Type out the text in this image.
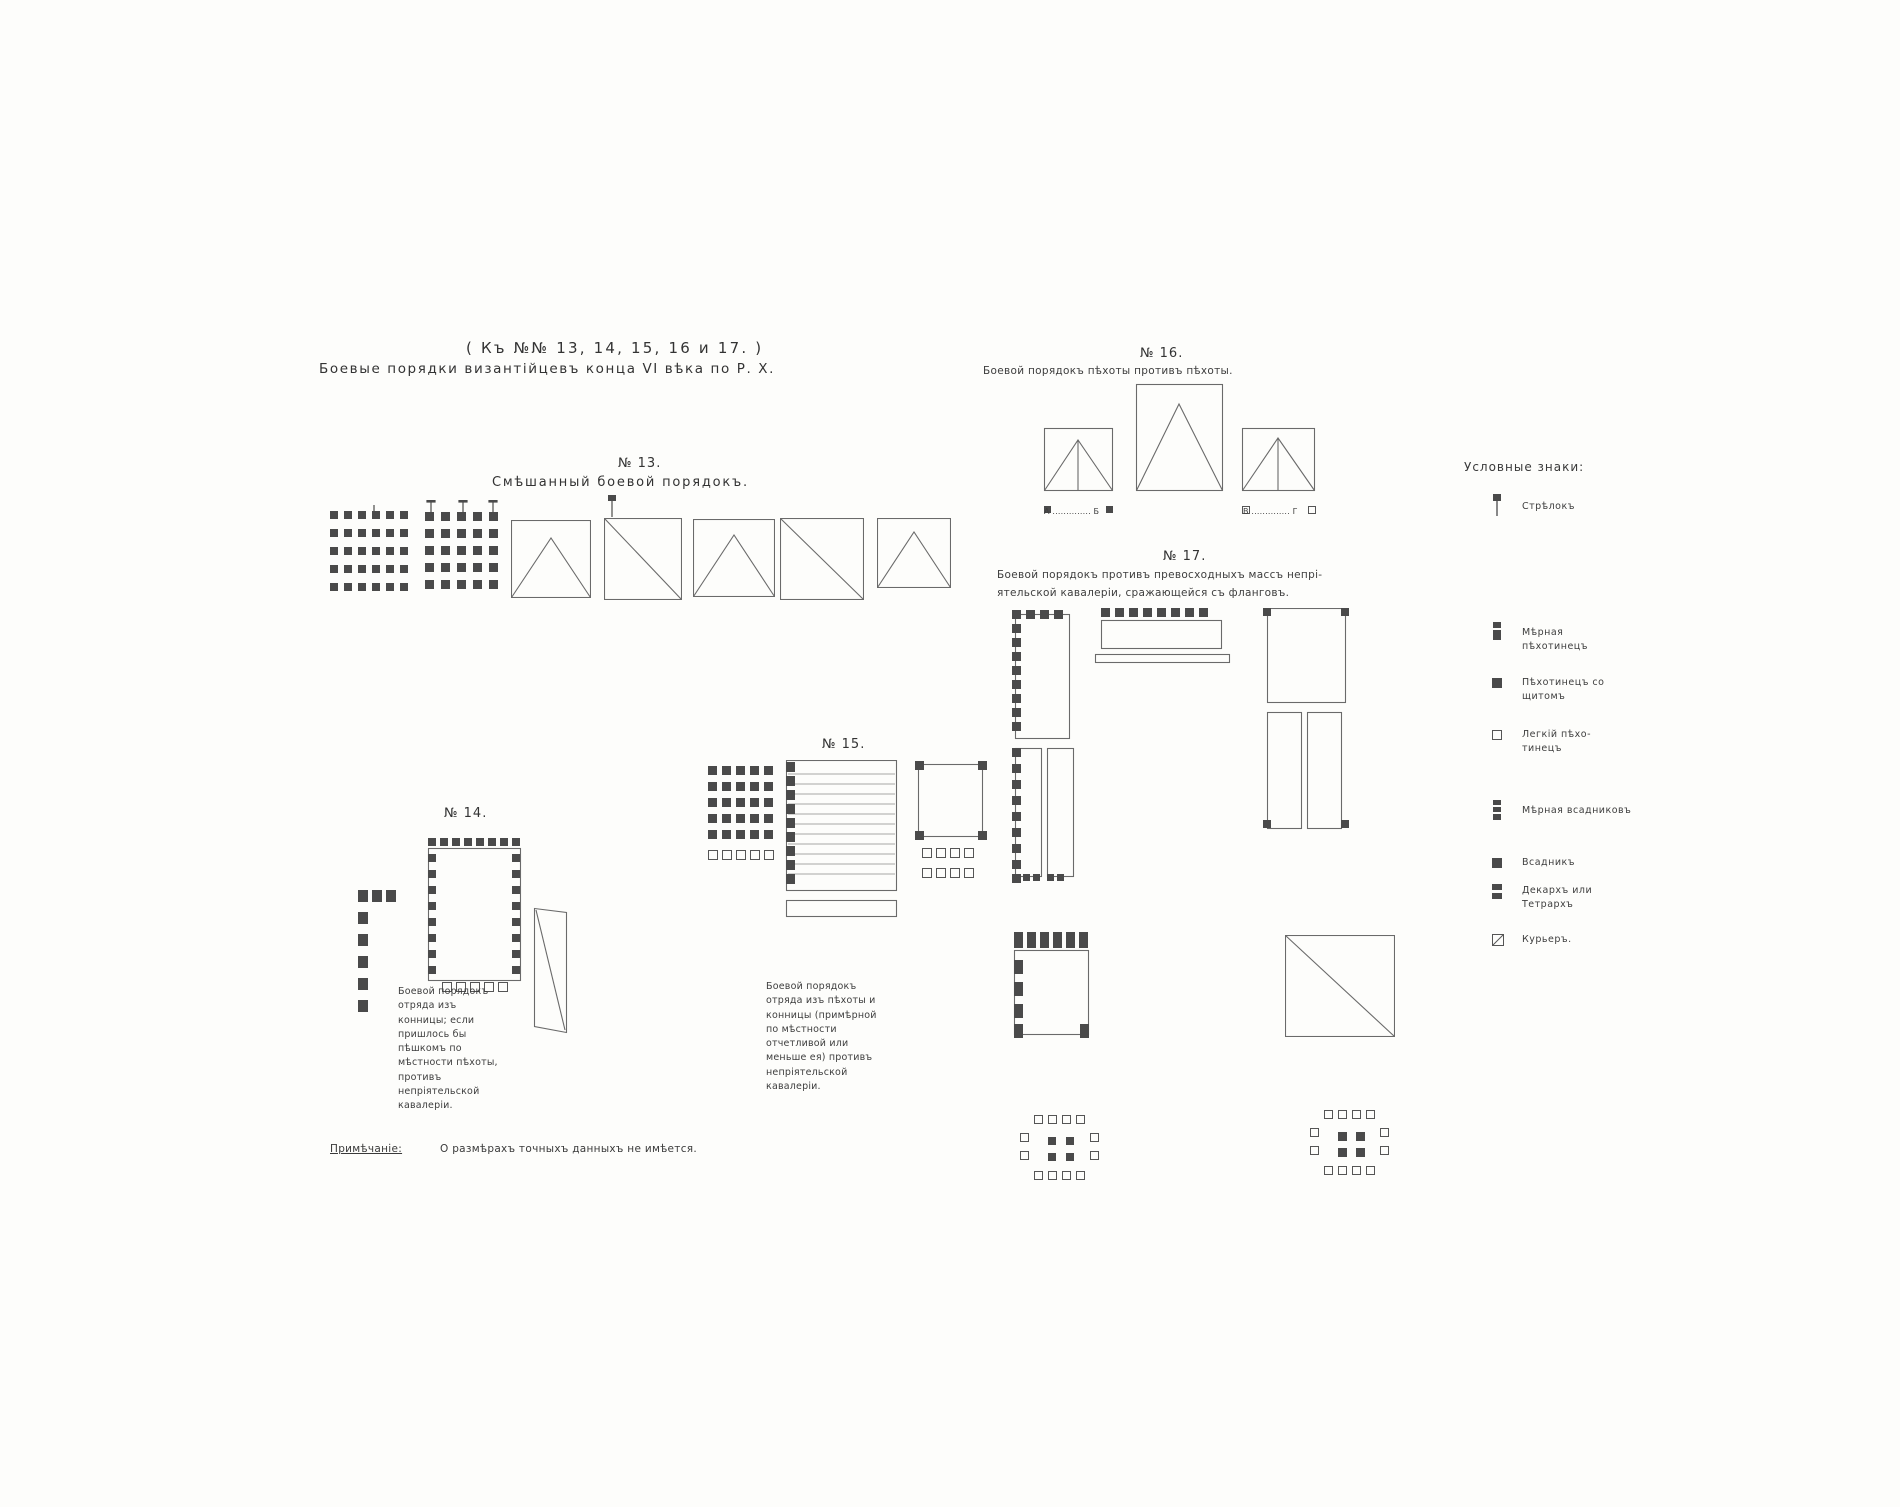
( Къ №№ 13, 14, 15, 16 и 17. )
Боевые порядки византійцевъ конца VI вѣка по Р. Х.
№ 13.
Смѣшанный боевой порядокъ.
№ 14.
Боевой порядокъ отряда изъ конницы; если пришлось бы пѣшкомъ по мѣстности пѣхоты, противъ непріятельской кавалеріи.
№ 15.
Боевой порядокъ отряда изъ пѣхоты и конницы (примѣрной по мѣстности отчетливой или меньше ея) противъ непріятельской кавалеріи.
№ 16.
Боевой порядокъ пѣхоты противъ пѣхоты.
А .............. Б	В .............. Г
№ 17.
Боевой порядокъ противъ превосходныхъ массъ непрі-
ятельской кавалеріи, сражающейся съ фланговъ.
Условные знаки:
Стрѣлокъ
Мѣрная пѣхотинецъ
Пѣхотинецъ со щитомъ
Легкій пѣхо- тинецъ
Мѣрная всадниковъ
Всадникъ
Декархъ или Тетрархъ
Курьеръ.
Примѣчаніе:	О размѣрахъ точныхъ данныхъ не имѣется.
